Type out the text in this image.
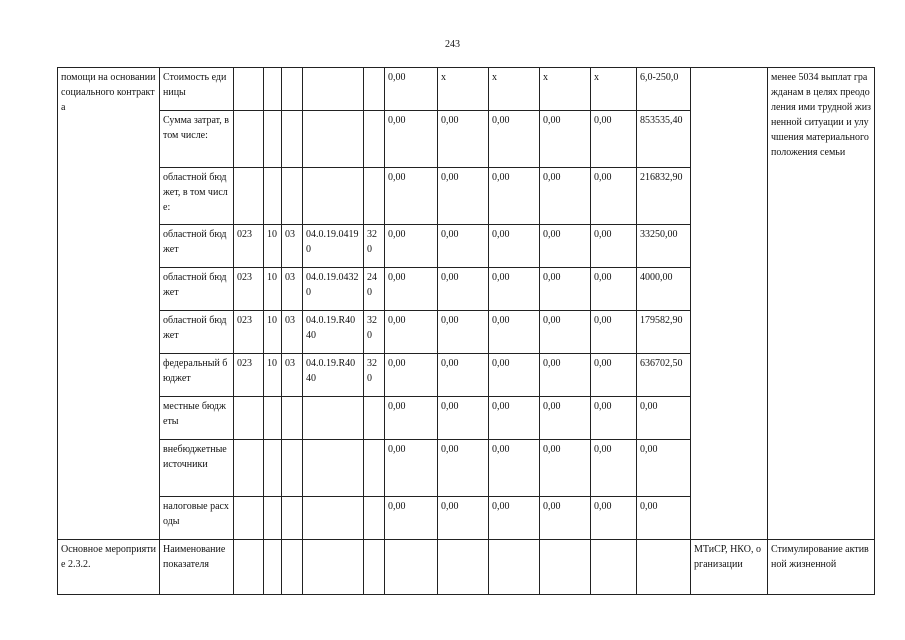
243
помощи на основании социального контракта	Стоимость единицы						0,00	х	х	х	х	6,0-250,0		менее 5034 выплат гражданам в целях преодоления ими трудной жизненной ситуации и улучшения материального положения семьи
	Сумма затрат, в том числе:						0,00	0,00	0,00	0,00	0,00	853535,40		
	областной бюджет, в том числе:						0,00	0,00	0,00	0,00	0,00	216832,90		
	областной бюджет	023	10	03	04.0.19.04190	320	0,00	0,00	0,00	0,00	0,00	33250,00		
	областной бюджет	023	10	03	04.0.19.04320	240	0,00	0,00	0,00	0,00	0,00	4000,00		
	областной бюджет	023	10	03	04.0.19.R4040	320	0,00	0,00	0,00	0,00	0,00	179582,90		
	федеральный бюджет	023	10	03	04.0.19.R4040	320	0,00	0,00	0,00	0,00	0,00	636702,50		
	местные бюджеты						0,00	0,00	0,00	0,00	0,00	0,00		
	внебюджетные источники						0,00	0,00	0,00	0,00	0,00	0,00		
	налоговые расходы						0,00	0,00	0,00	0,00	0,00	0,00		
Основное мероприятие 2.3.2.	Наименование показателя												МТиСР, НКО, организации	Стимулирование активной жизненной
